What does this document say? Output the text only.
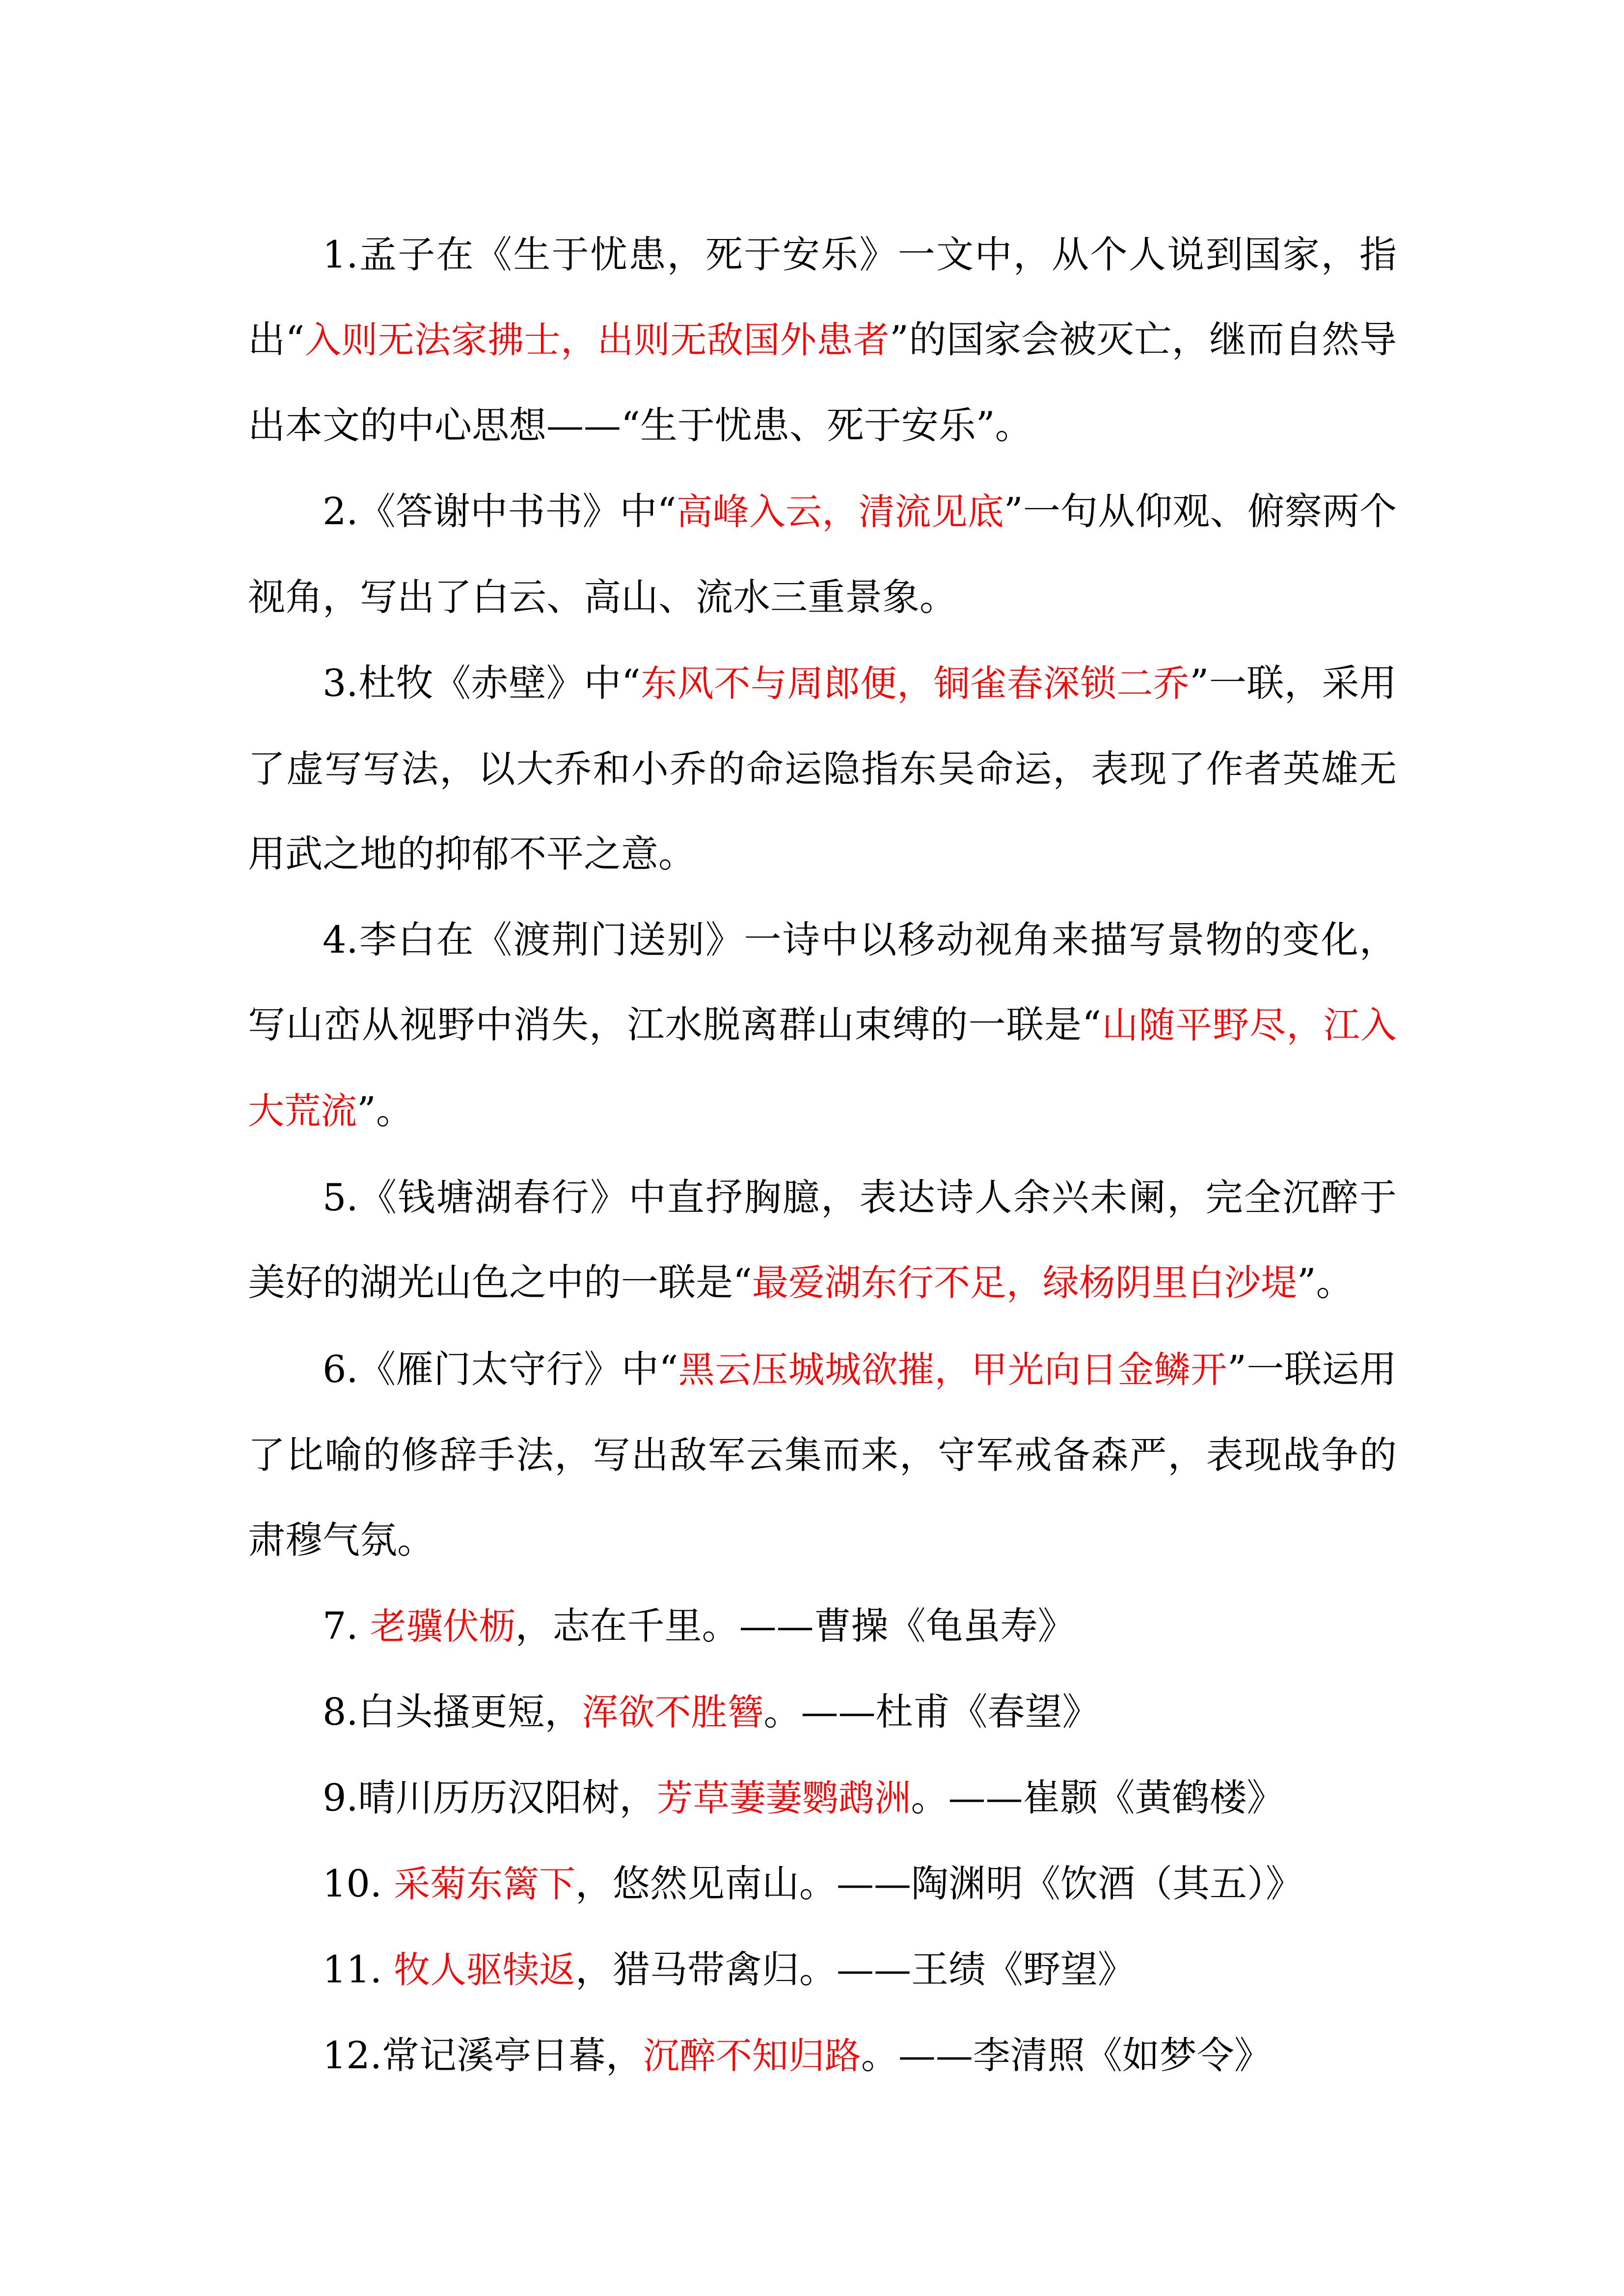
1.孟子在《生于忧患，死于安乐》一文中，从个人说到国家，指出“入则无法家拂士，出则无敌国外患者”的国家会被灭亡，继而自然导出本文的中心思想——“生于忧患、死于安乐”。

2.《答谢中书书》中“高峰入云，清流见底”一句从仰观、俯察两个视角，写出了白云、高山、流水三重景象。

3.杜牧《赤壁》中“东风不与周郎便，铜雀春深锁二乔”一联，采用了虚写写法，以大乔和小乔的命运隐指东吴命运，表现了作者英雄无用武之地的抑郁不平之意。

4.李白在《渡荆门送别》一诗中以移动视角来描写景物的变化，写山峦从视野中消失，江水脱离群山束缚的一联是“山随平野尽，江入大荒流”。

5.《钱塘湖春行》中直抒胸臆，表达诗人余兴未阑，完全沉醉于美好的湖光山色之中的一联是“最爱湖东行不足，绿杨阴里白沙堤”。

6.《雁门太守行》中“黑云压城城欲摧，甲光向日金鳞开”一联运用了比喻的修辞手法，写出敌军云集而来，守军戒备森严，表现战争的肃穆气氛。

7. 老骥伏枥，志在千里。——曹操《龟虽寿》

8.白头搔更短，浑欲不胜簪。——杜甫《春望》

9.晴川历历汉阳树，芳草萋萋鹦鹉洲。——崔颢《黄鹤楼》

10. 采菊东篱下，悠然见南山。——陶渊明《饮酒（其五）》

11. 牧人驱犊返，猎马带禽归。——王绩《野望》

12.常记溪亭日暮，沉醉不知归路。——李清照《如梦令》
